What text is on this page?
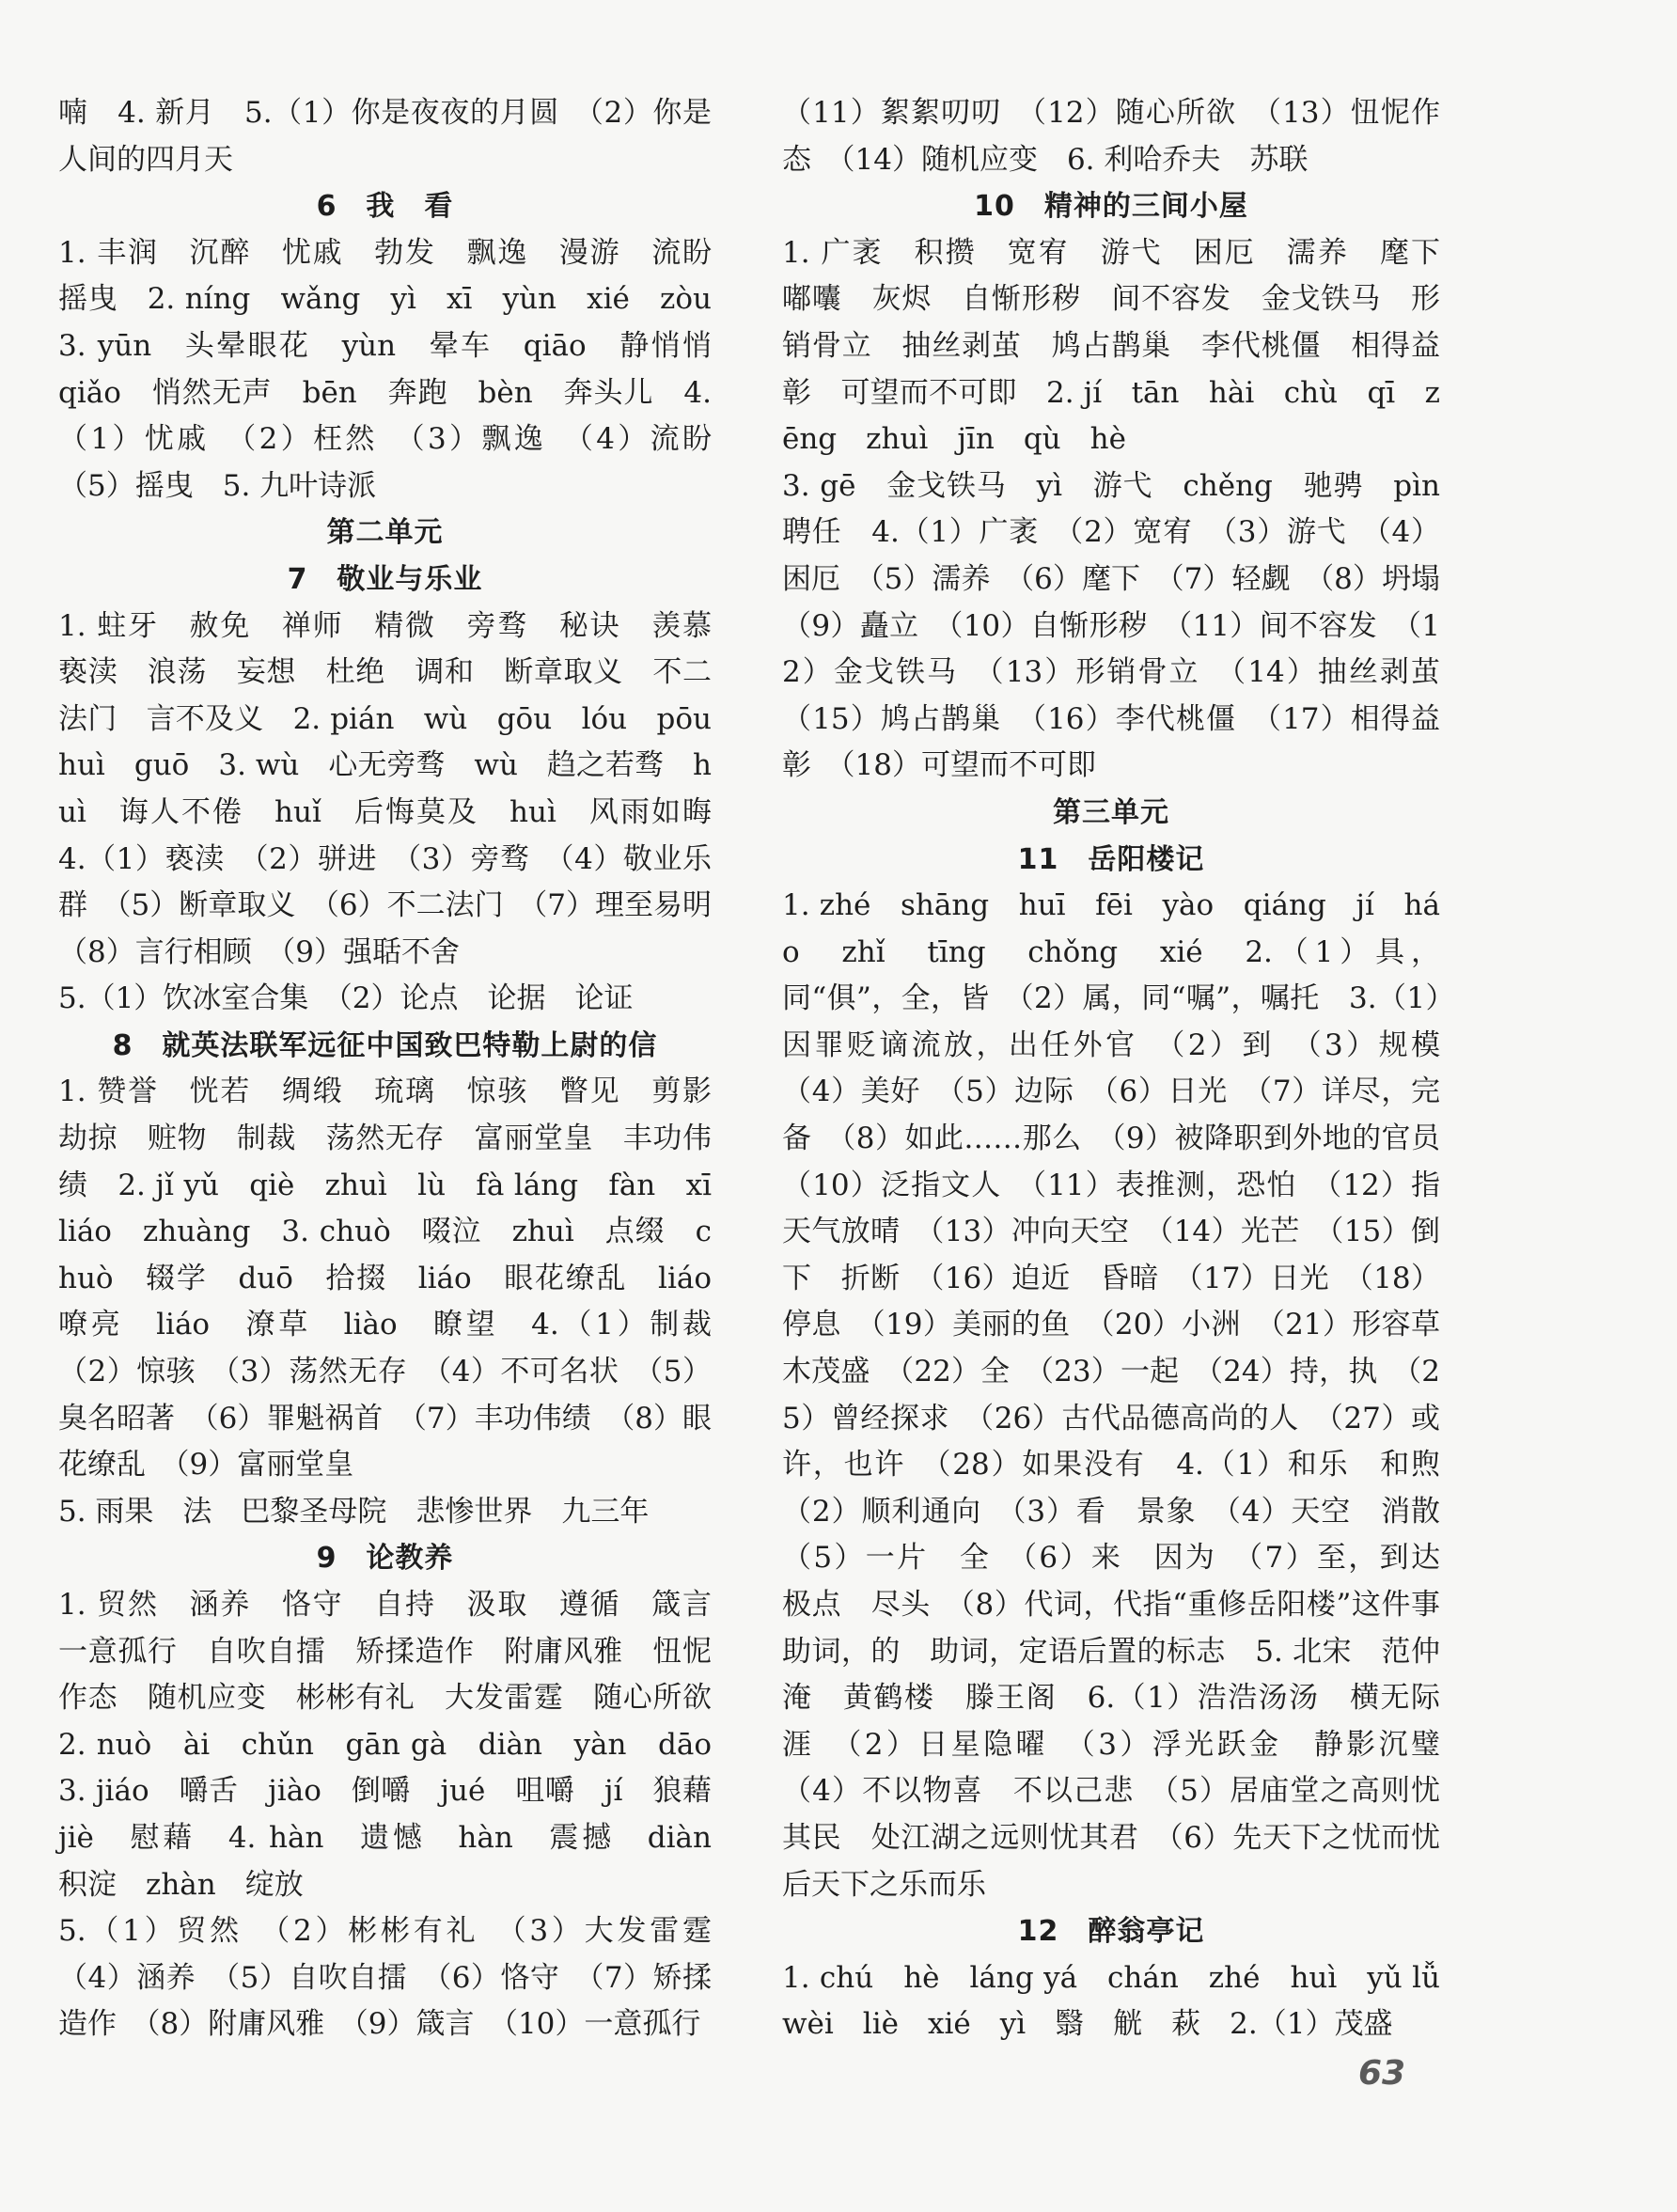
喃　4. 新月　5.（1）你是夜夜的月圆　（2）你是人间的四月天

6　我　看

1. 丰润　沉醉　忧戚　勃发　飘逸　漫游　流盼　摇曳　2. níng　wǎng　yì　xī　yùn　xié　zòu　3. yūn　头晕眼花　yùn　晕车　qiāo　静悄悄　qiǎo　悄然无声　bēn　奔跑　bèn　奔头儿　4.（1）忧戚　（2）枉然　（3）飘逸　（4）流盼　（5）摇曳　5. 九叶诗派

第二单元

7　敬业与乐业

1. 蛀牙　赦免　禅师　精微　旁骛　秘诀　羡慕　亵渎　浪荡　妄想　杜绝　调和　断章取义　不二法门　言不及义　2. pián　wù　gōu　lóu　pōu　huì　guō　3. wù　心无旁骛　wù　趋之若骛　huì　诲人不倦　huǐ　后悔莫及　huì　风雨如晦　4.（1）亵渎　（2）骈进　（3）旁骛　（4）敬业乐群　（5）断章取义　（6）不二法门　（7）理至易明　（8）言行相顾　（9）强聒不舍

5.（1）饮冰室合集　（2）论点　论据　论证

8　就英法联军远征中国致巴特勒上尉的信

1. 赞誉　恍若　绸缎　琉璃　惊骇　瞥见　剪影　劫掠　赃物　制裁　荡然无存　富丽堂皇　丰功伟绩　2. jǐ yǔ　qiè　zhuì　lù　fà láng　fàn　xī　liáo　zhuàng　3. chuò　啜泣　zhuì　点缀　chuò　辍学　duō　拾掇　liáo　眼花缭乱　liáo　嘹亮　liáo　潦草　liào　瞭望　4.（1）制裁　（2）惊骇　（3）荡然无存　（4）不可名状　（5）臭名昭著　（6）罪魁祸首　（7）丰功伟绩　（8）眼花缭乱　（9）富丽堂皇

5. 雨果　法　巴黎圣母院　悲惨世界　九三年

9　论教养

1. 贸然　涵养　恪守　自持　汲取　遵循　箴言　一意孤行　自吹自擂　矫揉造作　附庸风雅　忸怩作态　随机应变　彬彬有礼　大发雷霆　随心所欲　2. nuò　ài　chǔn　gān gà　diàn　yàn　dāo　3. jiáo　嚼舌　jiào　倒嚼　jué　咀嚼　jí　狼藉　jiè　慰藉　4. hàn　遗憾　hàn　震撼　diàn　积淀　zhàn　绽放

5.（1）贸然　（2）彬彬有礼　（3）大发雷霆　（4）涵养　（5）自吹自擂　（6）恪守　（7）矫揉造作　（8）附庸风雅　（9）箴言　（10）一意孤行

（11）絮絮叨叨　（12）随心所欲　（13）忸怩作态　（14）随机应变　6. 利哈乔夫　苏联

10　精神的三间小屋

1. 广袤　积攒　宽宥　游弋　困厄　濡养　麾下　嘟囔　灰烬　自惭形秽　间不容发　金戈铁马　形销骨立　抽丝剥茧　鸠占鹊巢　李代桃僵　相得益彰　可望而不可即　2. jí　tān　hài　chù　qī　zēng　zhuì　jīn　qù　hè

3. gē　金戈铁马　yì　游弋　chěng　驰骋　pìn　聘任　4.（1）广袤　（2）宽宥　（3）游弋　（4）困厄　（5）濡养　（6）麾下　（7）轻觑　（8）坍塌　（9）矗立　（10）自惭形秽　（11）间不容发　（12）金戈铁马　（13）形销骨立　（14）抽丝剥茧　（15）鸠占鹊巢　（16）李代桃僵　（17）相得益彰　（18）可望而不可即

第三单元

11　岳阳楼记

1. zhé　shāng　huī　fēi　yào　qiáng　jí　háo　zhǐ　tīng　chǒng　xié　2.（1）具，同“俱”，全，皆　（2）属，同“嘱”，嘱托　3.（1）因罪贬谪流放，出任外官　（2）到　（3）规模　（4）美好　（5）边际　（6）日光　（7）详尽，完备　（8）如此……那么　（9）被降职到外地的官员　（10）泛指文人　（11）表推测，恐怕　（12）指天气放晴　（13）冲向天空　（14）光芒　（15）倒下　折断　（16）迫近　昏暗　（17）日光　（18）停息　（19）美丽的鱼　（20）小洲　（21）形容草木茂盛　（22）全　（23）一起　（24）持，执　（25）曾经探求　（26）古代品德高尚的人　（27）或许，也许　（28）如果没有　4.（1）和乐　和煦　（2）顺利通向　（3）看　景象　（4）天空　消散　（5）一片　全　（6）来　因为　（7）至，到达　极点　尽头　（8）代词，代指“重修岳阳楼”这件事　助词，的　助词，定语后置的标志　5. 北宋　范仲淹　黄鹤楼　滕王阁　6.（1）浩浩汤汤　横无际涯　（2）日星隐曜　（3）浮光跃金　静影沉璧　（4）不以物喜　不以己悲　（5）居庙堂之高则忧其民　处江湖之远则忧其君　（6）先天下之忧而忧　后天下之乐而乐

12　醉翁亭记

1. chú　hè　láng yá　chán　zhé　huì　yǔ lǚ　wèi　liè　xié　yì　翳　觥　萩　2.（1）茂盛

63
